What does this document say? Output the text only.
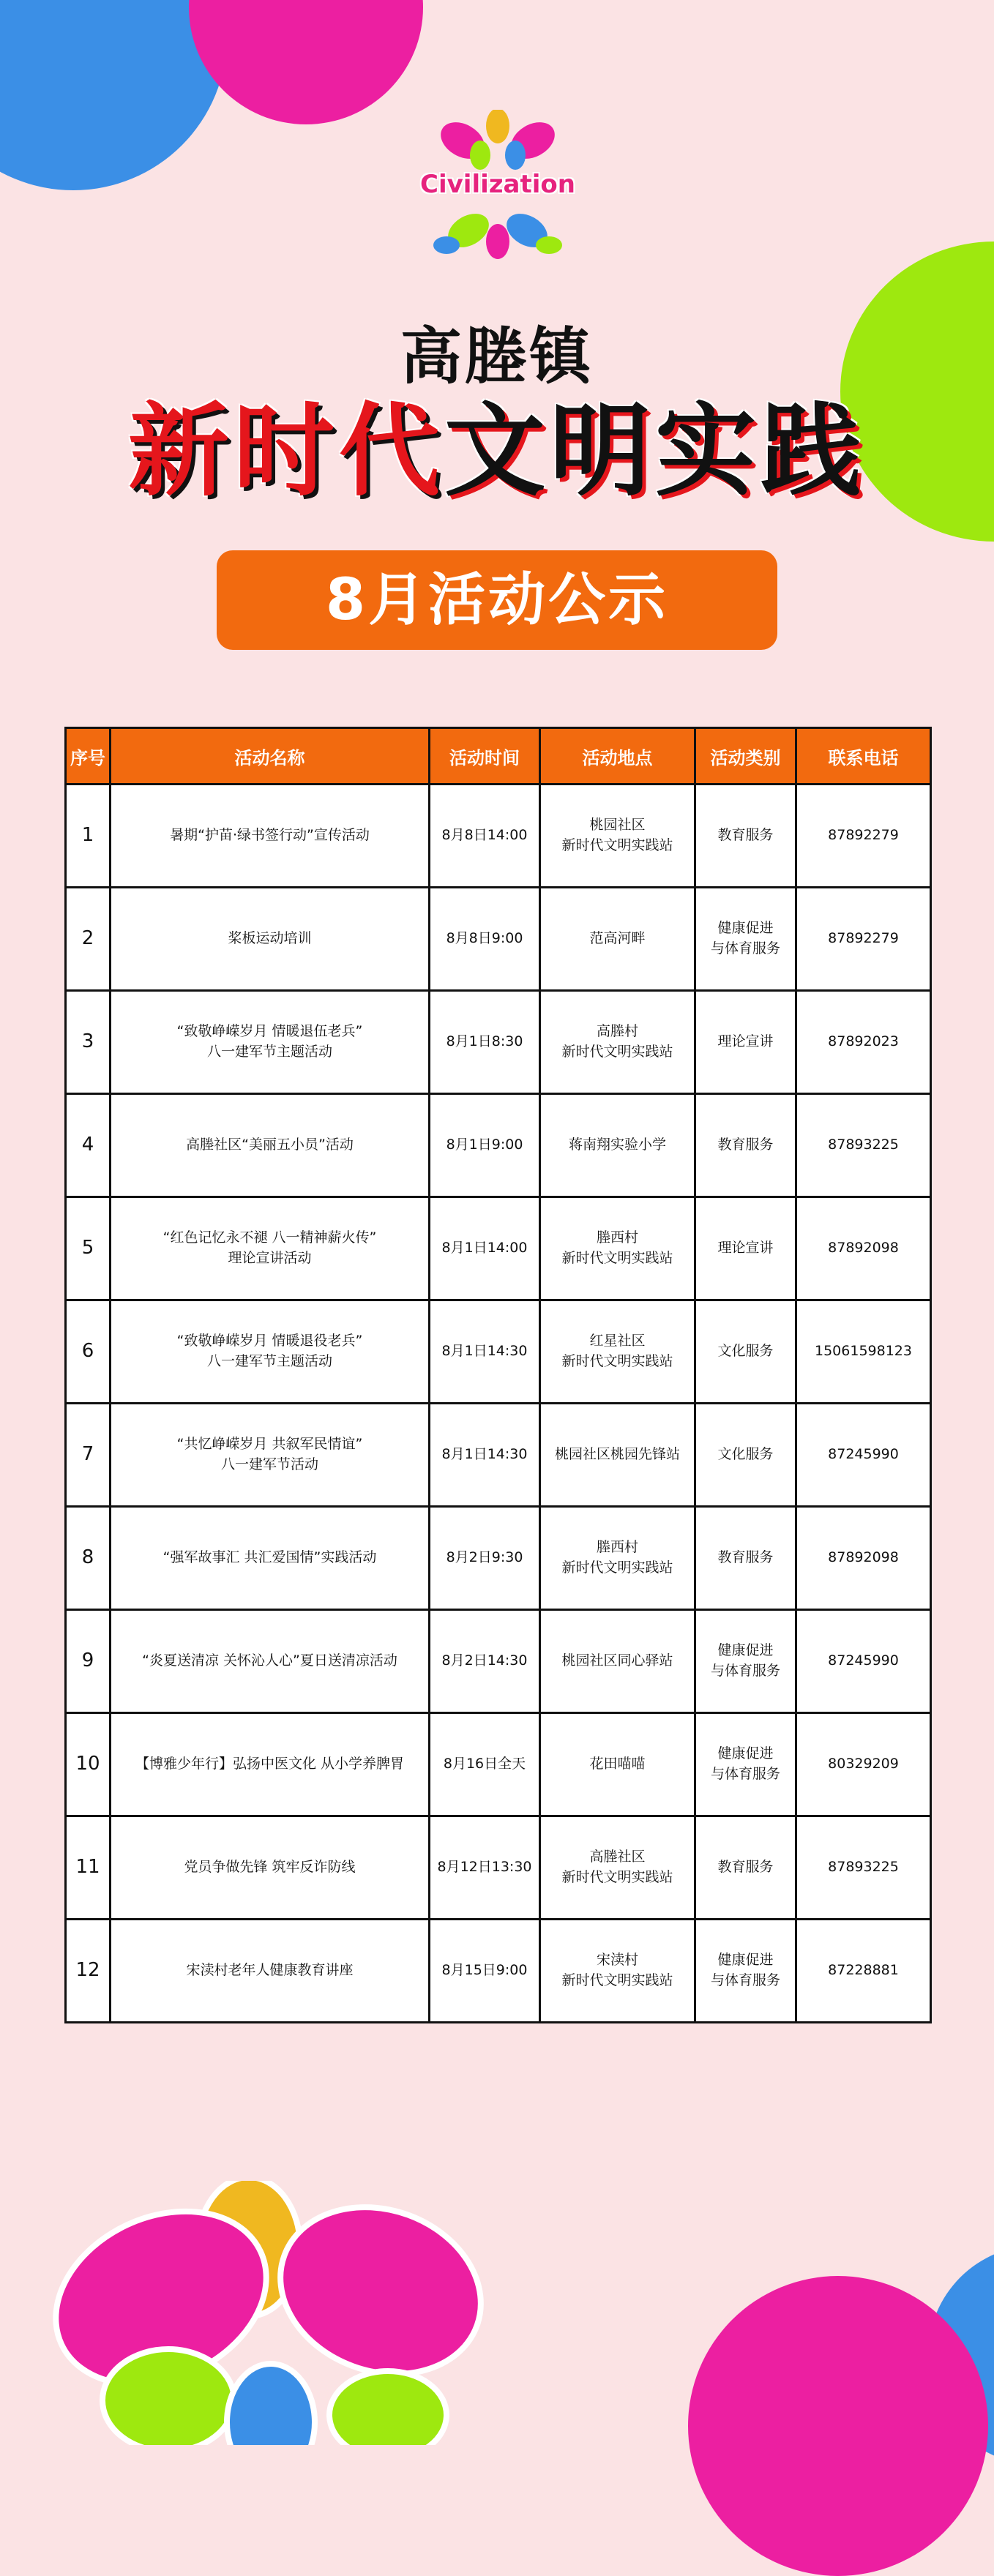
Civilization
高塍镇
新时代文明实践
8月活动公示
序号	活动名称	活动时间	活动地点	活动类别	联系电话
1	暑期“护苗·绿书签行动”宣传活动	8月8日14:00	桃园社区
新时代文明实践站	教育服务	87892279
2	桨板运动培训	8月8日9:00	范高河畔	健康促进
与体育服务	87892279
3	“致敬峥嵘岁月 情暖退伍老兵”
八一建军节主题活动	8月1日8:30	高塍村
新时代文明实践站	理论宣讲	87892023
4	高塍社区“美丽五小员”活动	8月1日9:00	蒋南翔实验小学	教育服务	87893225
5	“红色记忆永不褪 八一精神薪火传”
理论宣讲活动	8月1日14:00	塍西村
新时代文明实践站	理论宣讲	87892098
6	“致敬峥嵘岁月 情暖退役老兵”
八一建军节主题活动	8月1日14:30	红星社区
新时代文明实践站	文化服务	15061598123
7	“共忆峥嵘岁月 共叙军民情谊”
八一建军节活动	8月1日14:30	桃园社区桃园先锋站	文化服务	87245990
8	“强军故事汇 共汇爱国情”实践活动	8月2日9:30	塍西村
新时代文明实践站	教育服务	87892098
9	“炎夏送清凉 关怀沁人心”夏日送清凉活动	8月2日14:30	桃园社区同心驿站	健康促进
与体育服务	87245990
10	【博雅少年行】弘扬中医文化 从小学养脾胃	8月16日全天	花田喵喵	健康促进
与体育服务	80329209
11	党员争做先锋 筑牢反诈防线	8月12日13:30	高塍社区
新时代文明实践站	教育服务	87893225
12	宋渎村老年人健康教育讲座	8月15日9:00	宋渎村
新时代文明实践站	健康促进
与体育服务	87228881
